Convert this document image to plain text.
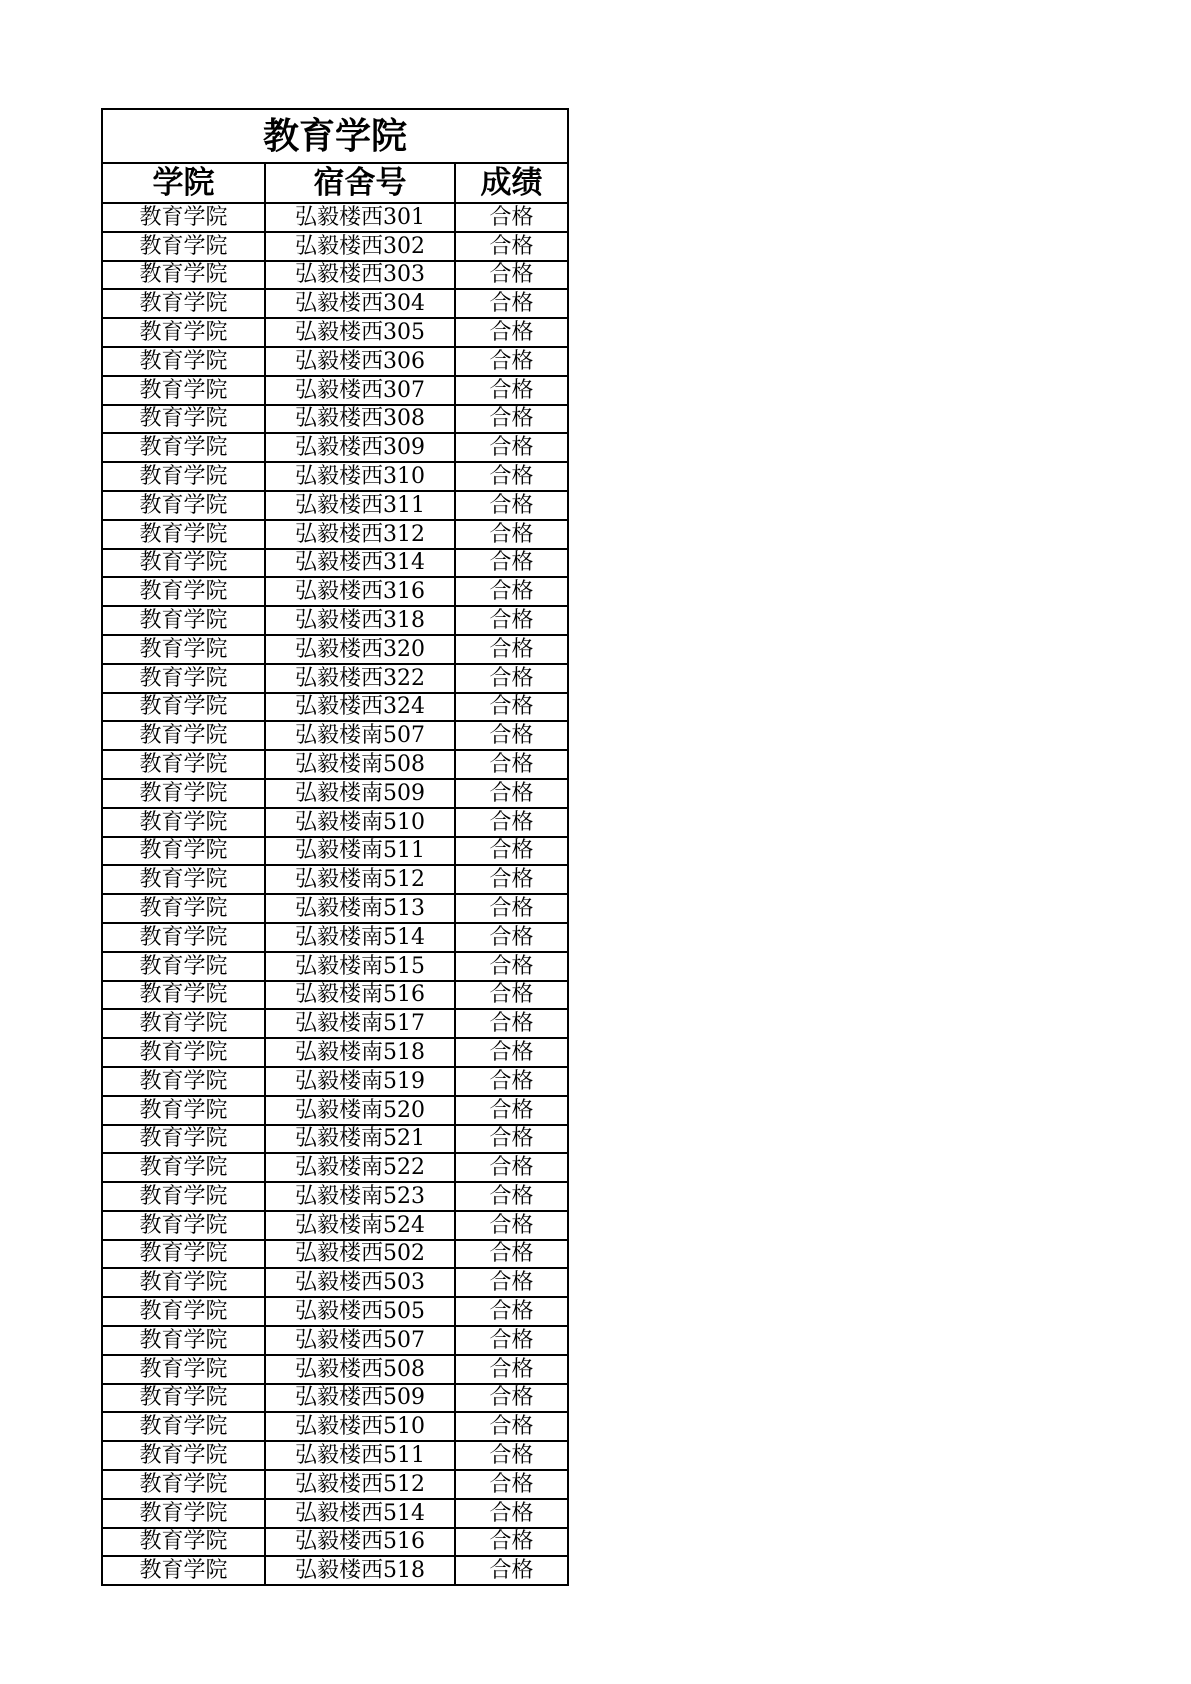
教育学院		
学院	宿舍号	成绩
教育学院	弘毅楼西301	合格
教育学院	弘毅楼西302	合格
教育学院	弘毅楼西303	合格
教育学院	弘毅楼西304	合格
教育学院	弘毅楼西305	合格
教育学院	弘毅楼西306	合格
教育学院	弘毅楼西307	合格
教育学院	弘毅楼西308	合格
教育学院	弘毅楼西309	合格
教育学院	弘毅楼西310	合格
教育学院	弘毅楼西311	合格
教育学院	弘毅楼西312	合格
教育学院	弘毅楼西314	合格
教育学院	弘毅楼西316	合格
教育学院	弘毅楼西318	合格
教育学院	弘毅楼西320	合格
教育学院	弘毅楼西322	合格
教育学院	弘毅楼西324	合格
教育学院	弘毅楼南507	合格
教育学院	弘毅楼南508	合格
教育学院	弘毅楼南509	合格
教育学院	弘毅楼南510	合格
教育学院	弘毅楼南511	合格
教育学院	弘毅楼南512	合格
教育学院	弘毅楼南513	合格
教育学院	弘毅楼南514	合格
教育学院	弘毅楼南515	合格
教育学院	弘毅楼南516	合格
教育学院	弘毅楼南517	合格
教育学院	弘毅楼南518	合格
教育学院	弘毅楼南519	合格
教育学院	弘毅楼南520	合格
教育学院	弘毅楼南521	合格
教育学院	弘毅楼南522	合格
教育学院	弘毅楼南523	合格
教育学院	弘毅楼南524	合格
教育学院	弘毅楼西502	合格
教育学院	弘毅楼西503	合格
教育学院	弘毅楼西505	合格
教育学院	弘毅楼西507	合格
教育学院	弘毅楼西508	合格
教育学院	弘毅楼西509	合格
教育学院	弘毅楼西510	合格
教育学院	弘毅楼西511	合格
教育学院	弘毅楼西512	合格
教育学院	弘毅楼西514	合格
教育学院	弘毅楼西516	合格
教育学院	弘毅楼西518	合格
